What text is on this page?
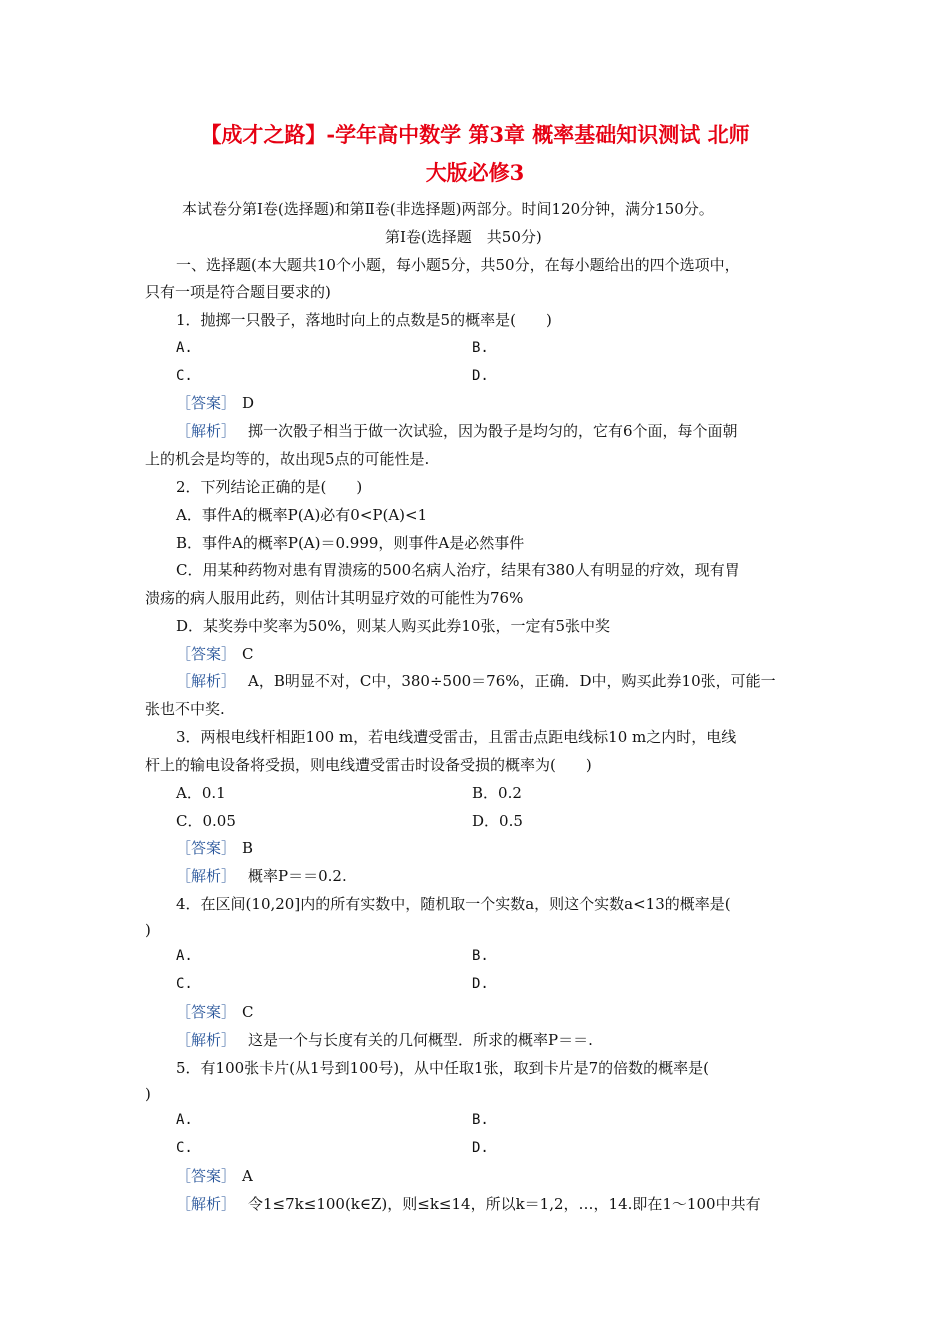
【成才之路】-学年高中数学 第3章 概率基础知识测试 北师
大版必修3
本试卷分第Ⅰ卷(选择题)和第Ⅱ卷(非选择题)两部分。时间120分钟，满分150分。
第Ⅰ卷(选择题　共50分)
一、选择题(本大题共10个小题，每小题5分，共50分，在每小题给出的四个选项中，
只有一项是符合题目要求的)
1．抛掷一只骰子，落地时向上的点数是5的概率是(　　)
A.	B.
C.	D.
［答案］ D
［解析］ 掷一次骰子相当于做一次试验，因为骰子是均匀的，它有6个面，每个面朝
上的机会是均等的，故出现5点的可能性是.
2．下列结论正确的是(　　)
A．事件A的概率P(A)必有0<P(A)<1
B．事件A的概率P(A)＝0.999，则事件A是必然事件
C．用某种药物对患有胃溃疡的500名病人治疗，结果有380人有明显的疗效，现有胃
溃疡的病人服用此药，则估计其明显疗效的可能性为76%
D．某奖券中奖率为50%，则某人购买此券10张，一定有5张中奖
［答案］ C
［解析］ A，B明显不对，C中，380÷500＝76%，正确．D中，购买此券10张，可能一
张也不中奖.
3．两根电线杆相距100 m，若电线遭受雷击，且雷击点距电线标10 m之内时，电线
杆上的输电设备将受损，则电线遭受雷击时设备受损的概率为(　　)
A．0.1	B．0.2
C．0.05	D．0.5
［答案］ B
［解析］ 概率P＝＝0.2.
4．在区间(10,20]内的所有实数中，随机取一个实数a，则这个实数a<13的概率是(
)
A.	B.
C.	D.
［答案］ C
［解析］ 这是一个与长度有关的几何概型．所求的概率P＝＝.
5．有100张卡片(从1号到100号)，从中任取1张，取到卡片是7的倍数的概率是(
)
A.	B.
C.	D.
［答案］ A
［解析］ 令1≤7k≤100(k∈Z)，则≤k≤14，所以k＝1,2，…，14.即在1～100中共有
